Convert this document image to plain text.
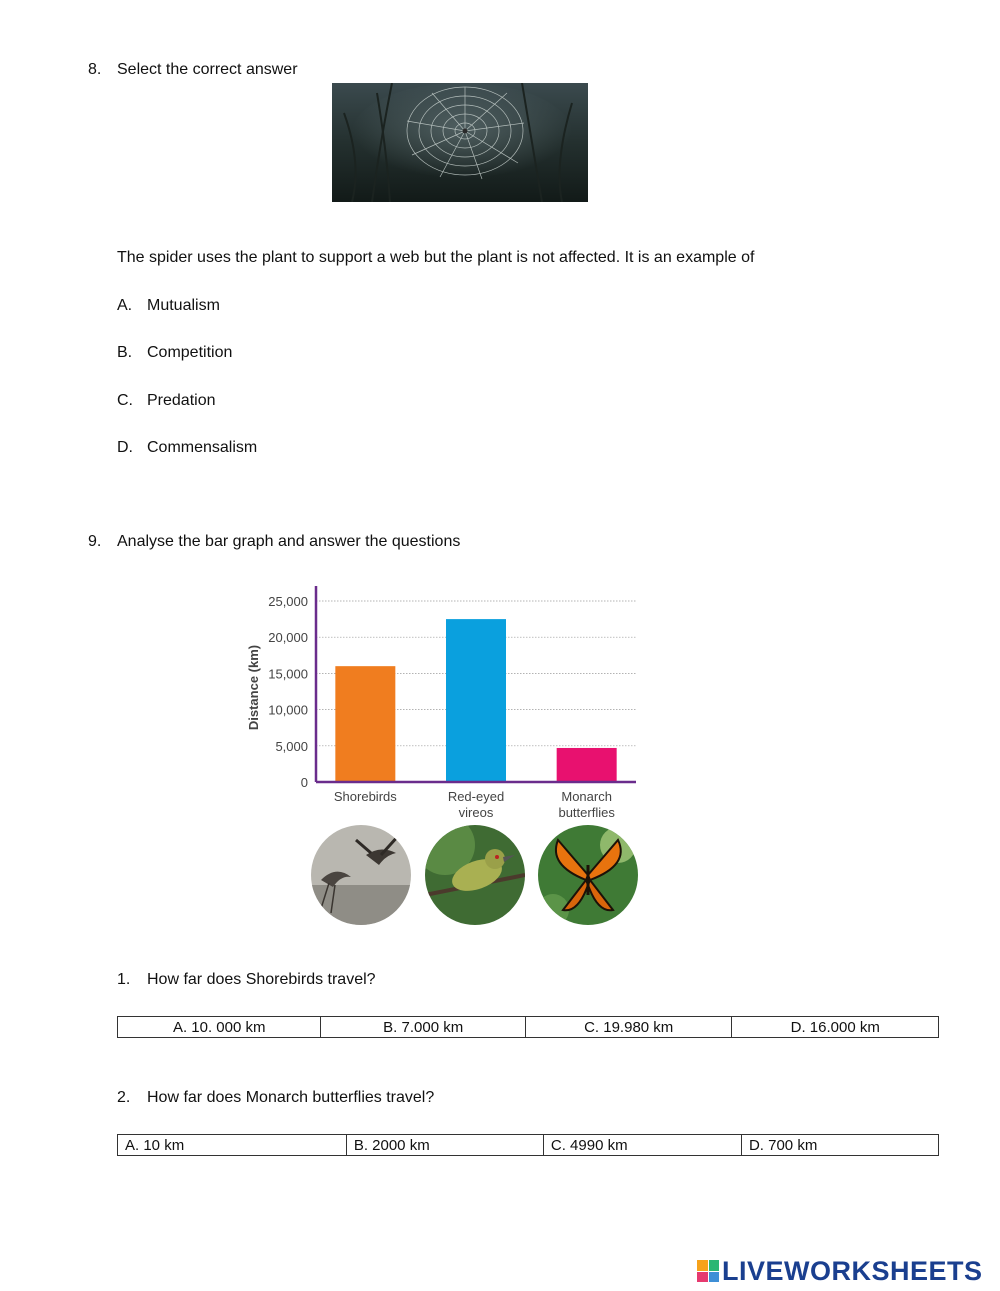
8. Select the correct answer
The spider uses the plant to support a web but the plant is not affected. It is an example of
A. Mutualism
B. Competition
C. Predation
D. Commensalism
9. Analyse the bar graph and answer the questions
0
5,000
10,000
15,000
20,000
25,000
Distance (km)
Shorebirds	Red-eyed vireos
Monarch butterflies
1. How far does Shorebirds travel?
A. 10. 000 km	B. 7.000 km	C. 19.980 km	D. 16.000 km
2. How far does Monarch butterflies travel?
A. 10 km	B. 2000 km	C. 4990 km	D. 700 km
LIVEWORKSHEETS
